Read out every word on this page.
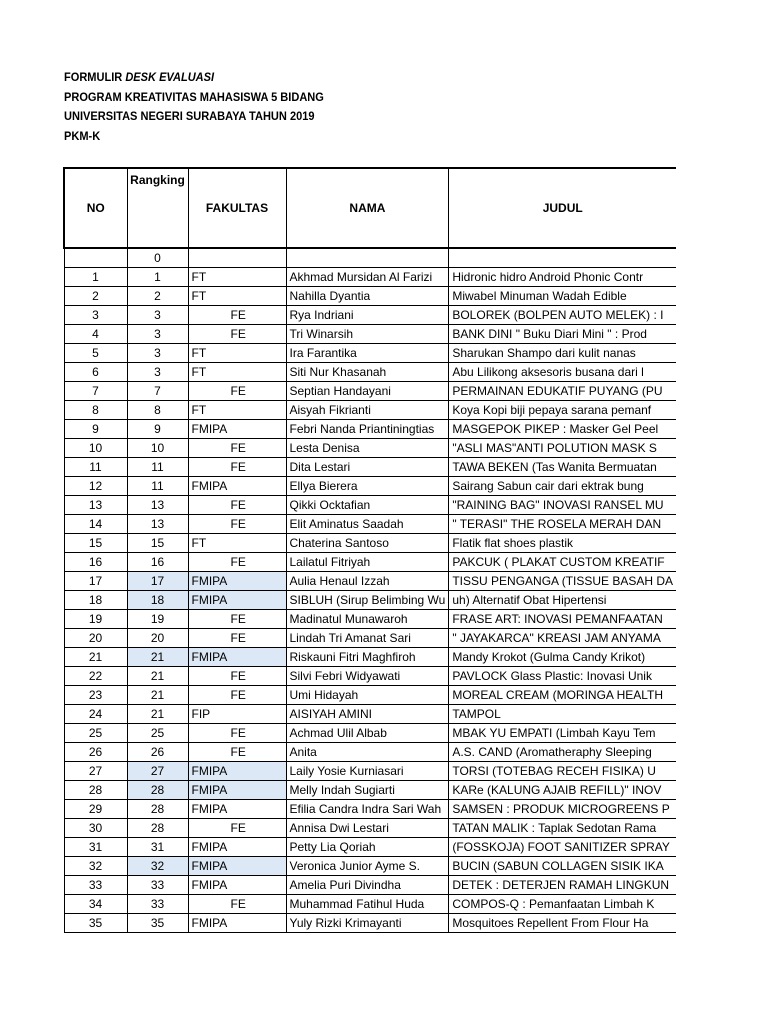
FORMULIR DESK EVALUASI
PROGRAM KREATIVITAS MAHASISWA 5 BIDANG
UNIVERSITAS NEGERI SURABAYA TAHUN 2019
PKM-K
NO	Rangking	FAKULTAS	NAMA	JUDUL
	0			
1	1	FT	Akhmad Mursidan Al Farizi	Hidronic hidro Android Phonic Contr
2	2	FT	Nahilla Dyantia	Miwabel Minuman Wadah Edible
3	3	FE	Rya Indriani	BOLOREK (BOLPEN AUTO MELEK) : I
4	3	FE	Tri Winarsih	BANK DINI " Buku Diari Mini " : Prod
5	3	FT	Ira Farantika	Sharukan Shampo dari kulit nanas
6	3	FT	Siti Nur Khasanah	Abu Lilikong aksesoris busana dari l
7	7	FE	Septian Handayani	PERMAINAN EDUKATIF PUYANG (PU
8	8	FT	Aisyah Fikrianti	Koya Kopi biji pepaya sarana pemanf
9	9	FMIPA	Febri Nanda Priantiningtias	MASGEPOK PIKEP : Masker Gel Peel
10	10	FE	Lesta Denisa	"ASLI MAS"ANTI POLUTION MASK S
11	11	FE	Dita Lestari	TAWA BEKEN (Tas Wanita Bermuatan
12	11	FMIPA	Ellya Bierera	Sairang Sabun cair dari ektrak bung
13	13	FE	Qikki Ocktafian	"RAINING BAG" INOVASI RANSEL MU
14	13	FE	Elit Aminatus Saadah	" TERASI" THE ROSELA MERAH DAN
15	15	FT	Chaterina Santoso	Flatik flat shoes plastik
16	16	FE	Lailatul Fitriyah	PAKCUK ( PLAKAT CUSTOM KREATIF
17	17	FMIPA	Aulia Henaul Izzah	TISSU PENGANGA (TISSUE BASAH DA
18	18	FMIPA	SIBLUH (Sirup Belimbing Wu	uh) Alternatif Obat Hipertensi
19	19	FE	Madinatul Munawaroh	FRASE ART: INOVASI PEMANFAATAN
20	20	FE	Lindah Tri Amanat Sari	" JAYAKARCA" KREASI JAM ANYAMA
21	21	FMIPA	Riskauni Fitri Maghfiroh	Mandy Krokot (Gulma Candy Krikot)
22	21	FE	Silvi Febri Widyawati	PAVLOCK Glass Plastic: Inovasi Unik
23	21	FE	Umi Hidayah	MOREAL CREAM (MORINGA HEALTH
24	21	FIP	AISIYAH AMINI	TAMPOL
25	25	FE	Achmad Ulil Albab	MBAK YU EMPATI (Limbah Kayu Tem
26	26	FE	Anita	A.S. CAND (Aromatheraphy Sleeping
27	27	FMIPA	Laily Yosie Kurniasari	TORSI (TOTEBAG RECEH FISIKA) U
28	28	FMIPA	Melly Indah Sugiarti	KARe (KALUNG AJAIB REFILL)" INOV
29	28	FMIPA	Efilia Candra Indra Sari Wah	SAMSEN : PRODUK MICROGREENS P
30	28	FE	Annisa Dwi Lestari	TATAN MALIK : Taplak Sedotan Rama
31	31	FMIPA	Petty Lia Qoriah	(FOSSKOJA) FOOT SANITIZER SPRAY
32	32	FMIPA	Veronica Junior Ayme S.	BUCIN (SABUN COLLAGEN SISIK IKA
33	33	FMIPA	Amelia Puri Divindha	DETEK : DETERJEN RAMAH LINGKUN
34	33	FE	Muhammad Fatihul Huda	COMPOS-Q : Pemanfaatan Limbah K
35	35	FMIPA	Yuly Rizki Krimayanti	Mosquitoes Repellent From Flour Ha
